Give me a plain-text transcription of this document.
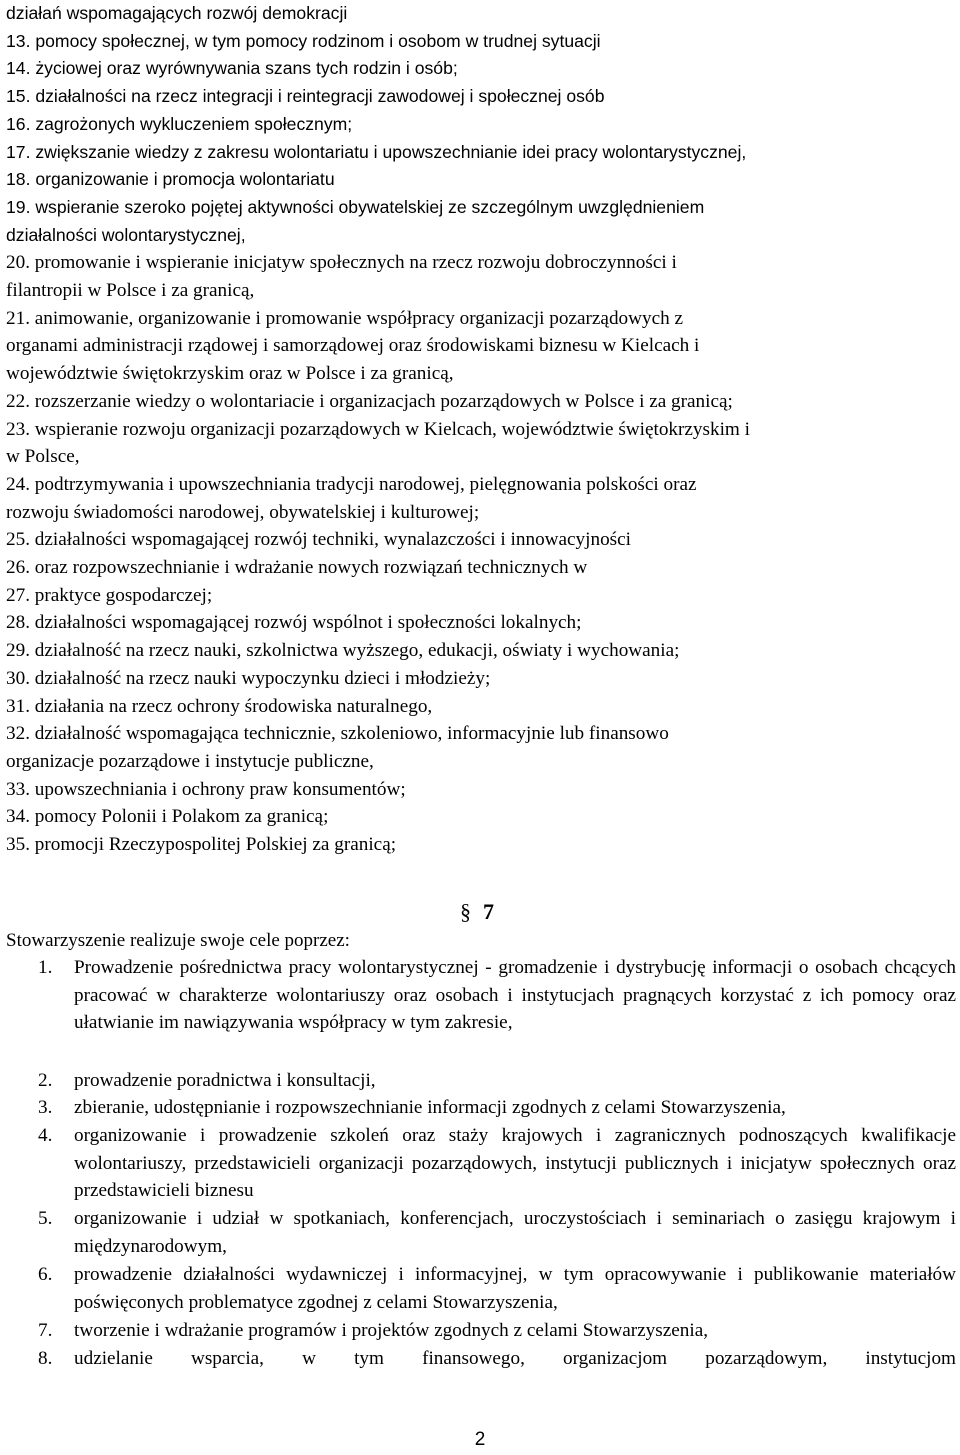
działań wspomagających rozwój demokracji
13. pomocy społecznej, w tym pomocy rodzinom i osobom w trudnej sytuacji
14. życiowej oraz wyrównywania szans tych rodzin i osób;
15. działalności na rzecz integracji i reintegracji zawodowej i społecznej osób
16. zagrożonych wykluczeniem społecznym;
17. zwiększanie wiedzy z zakresu wolontariatu i upowszechnianie idei pracy wolontarystycznej,
18. organizowanie i promocja wolontariatu
19. wspieranie szeroko pojętej aktywności obywatelskiej ze szczególnym uwzględnieniem
działalności wolontarystycznej,
20. promowanie i wspieranie inicjatyw społecznych na rzecz rozwoju dobroczynności i
filantropii w Polsce i za granicą,
21. animowanie, organizowanie i promowanie współpracy organizacji pozarządowych z
organami administracji rządowej i samorządowej oraz środowiskami biznesu w Kielcach i
województwie świętokrzyskim oraz w Polsce i za granicą,
22. rozszerzanie wiedzy o wolontariacie i organizacjach pozarządowych w Polsce i za granicą;
23. wspieranie rozwoju organizacji pozarządowych w Kielcach, województwie świętokrzyskim i
w Polsce,
24. podtrzymywania i upowszechniania tradycji narodowej, pielęgnowania polskości oraz
rozwoju świadomości narodowej, obywatelskiej i kulturowej;
25. działalności wspomagającej rozwój techniki, wynalazczości i innowacyjności
26. oraz rozpowszechnianie i wdrażanie nowych rozwiązań technicznych w
27. praktyce gospodarczej;
28. działalności wspomagającej rozwój wspólnot i społeczności lokalnych;
29. działalność na rzecz nauki, szkolnictwa wyższego, edukacji, oświaty i wychowania;
30. działalność na rzecz nauki wypoczynku dzieci i młodzieży;
31. działania na rzecz ochrony środowiska naturalnego,
32. działalność wspomagająca technicznie, szkoleniowo, informacyjnie lub finansowo
organizacje pozarządowe i instytucje publiczne,
33. upowszechniania i ochrony praw konsumentów;
34. pomocy Polonii i Polakom za granicą;
35. promocji Rzeczypospolitej Polskiej za granicą;
§ 7
Stowarzyszenie realizuje swoje cele poprzez:
1. Prowadzenie pośrednictwa pracy wolontarystycznej - gromadzenie i dystrybucję informacji o osobach chcących pracować w charakterze wolontariuszy oraz osobach i instytucjach pragnących korzystać z ich pomocy oraz ułatwianie im nawiązywania współpracy w tym zakresie,
2. prowadzenie poradnictwa i konsultacji,
3. zbieranie, udostępnianie i rozpowszechnianie informacji zgodnych z celami Stowarzyszenia,
4. organizowanie i prowadzenie szkoleń oraz staży krajowych i zagranicznych podnoszących kwalifikacje wolontariuszy, przedstawicieli organizacji pozarządowych, instytucji publicznych i inicjatyw społecznych oraz przedstawicieli biznesu
5. organizowanie i udział w spotkaniach, konferencjach, uroczystościach i seminariach o zasięgu krajowym i międzynarodowym,
6. prowadzenie działalności wydawniczej i informacyjnej, w tym opracowywanie i publikowanie materiałów poświęconych problematyce zgodnej z celami Stowarzyszenia,
7. tworzenie i wdrażanie programów i projektów zgodnych z celami Stowarzyszenia,
8. udzielanie wsparcia, w tym finansowego, organizacjom pozarządowym, instytucjom
2
